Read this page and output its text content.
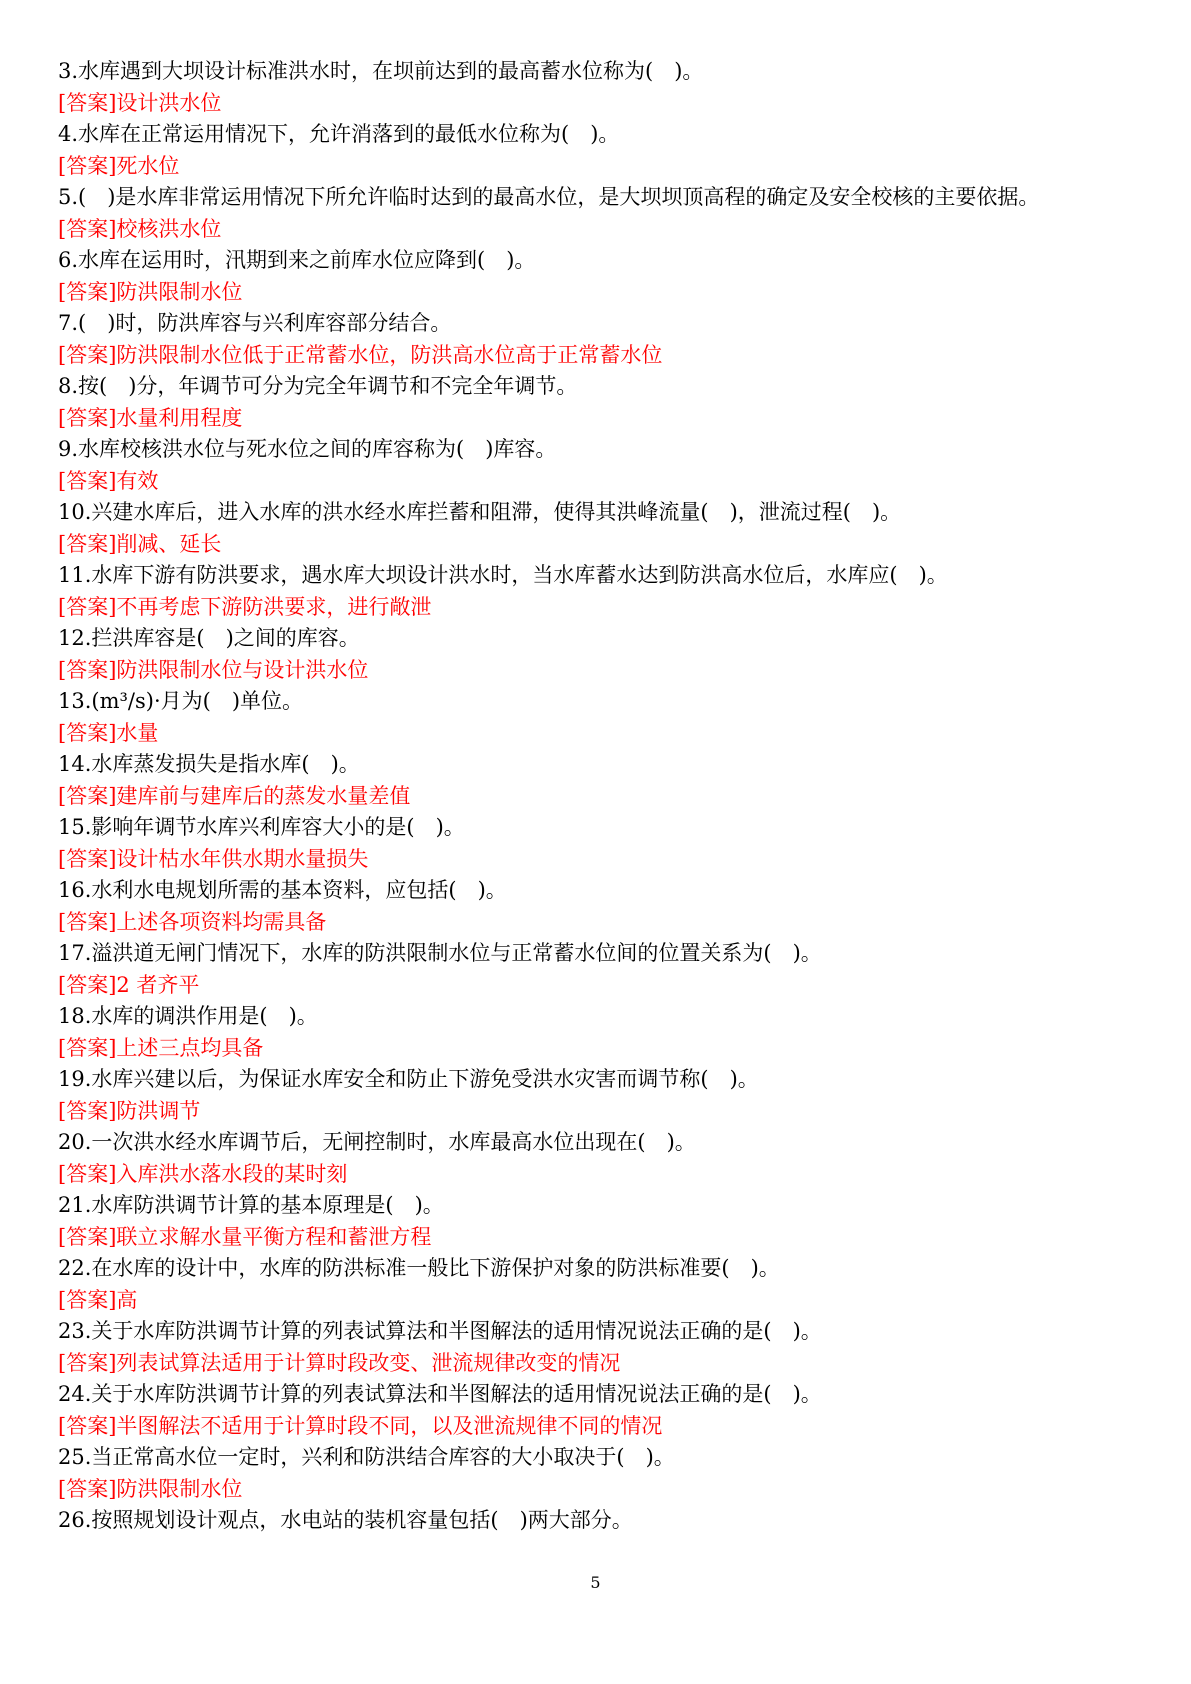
3.水库遇到大坝设计标准洪水时，在坝前达到的最高蓄水位称为(　)。
[答案]设计洪水位
4.水库在正常运用情况下，允许消落到的最低水位称为(　)。
[答案]死水位
5.(　)是水库非常运用情况下所允许临时达到的最高水位，是大坝坝顶高程的确定及安全校核的主要依据。
[答案]校核洪水位
6.水库在运用时，汛期到来之前库水位应降到(　)。
[答案]防洪限制水位
7.(　)时，防洪库容与兴利库容部分结合。
[答案]防洪限制水位低于正常蓄水位，防洪高水位高于正常蓄水位
8.按(　)分，年调节可分为完全年调节和不完全年调节。
[答案]水量利用程度
9.水库校核洪水位与死水位之间的库容称为(　)库容。
[答案]有效
10.兴建水库后，进入水库的洪水经水库拦蓄和阻滞，使得其洪峰流量(　)，泄流过程(　)。
[答案]削减、延长
11.水库下游有防洪要求，遇水库大坝设计洪水时，当水库蓄水达到防洪高水位后，水库应(　)。
[答案]不再考虑下游防洪要求，进行敞泄
12.拦洪库容是(　)之间的库容。
[答案]防洪限制水位与设计洪水位
13.(m³/s)·月为(　)单位。
[答案]水量
14.水库蒸发损失是指水库(　)。
[答案]建库前与建库后的蒸发水量差值
15.影响年调节水库兴利库容大小的是(　)。
[答案]设计枯水年供水期水量损失
16.水利水电规划所需的基本资料，应包括(　)。
[答案]上述各项资料均需具备
17.溢洪道无闸门情况下，水库的防洪限制水位与正常蓄水位间的位置关系为(　)。
[答案]2 者齐平
18.水库的调洪作用是(　)。
[答案]上述三点均具备
19.水库兴建以后，为保证水库安全和防止下游免受洪水灾害而调节称(　)。
[答案]防洪调节
20.一次洪水经水库调节后，无闸控制时，水库最高水位出现在(　)。
[答案]入库洪水落水段的某时刻
21.水库防洪调节计算的基本原理是(　)。
[答案]联立求解水量平衡方程和蓄泄方程
22.在水库的设计中，水库的防洪标准一般比下游保护对象的防洪标准要(　)。
[答案]高
23.关于水库防洪调节计算的列表试算法和半图解法的适用情况说法正确的是(　)。
[答案]列表试算法适用于计算时段改变、泄流规律改变的情况
24.关于水库防洪调节计算的列表试算法和半图解法的适用情况说法正确的是(　)。
[答案]半图解法不适用于计算时段不同，以及泄流规律不同的情况
25.当正常高水位一定时，兴利和防洪结合库容的大小取决于(　)。
[答案]防洪限制水位
26.按照规划设计观点，水电站的装机容量包括(　)两大部分。
5
